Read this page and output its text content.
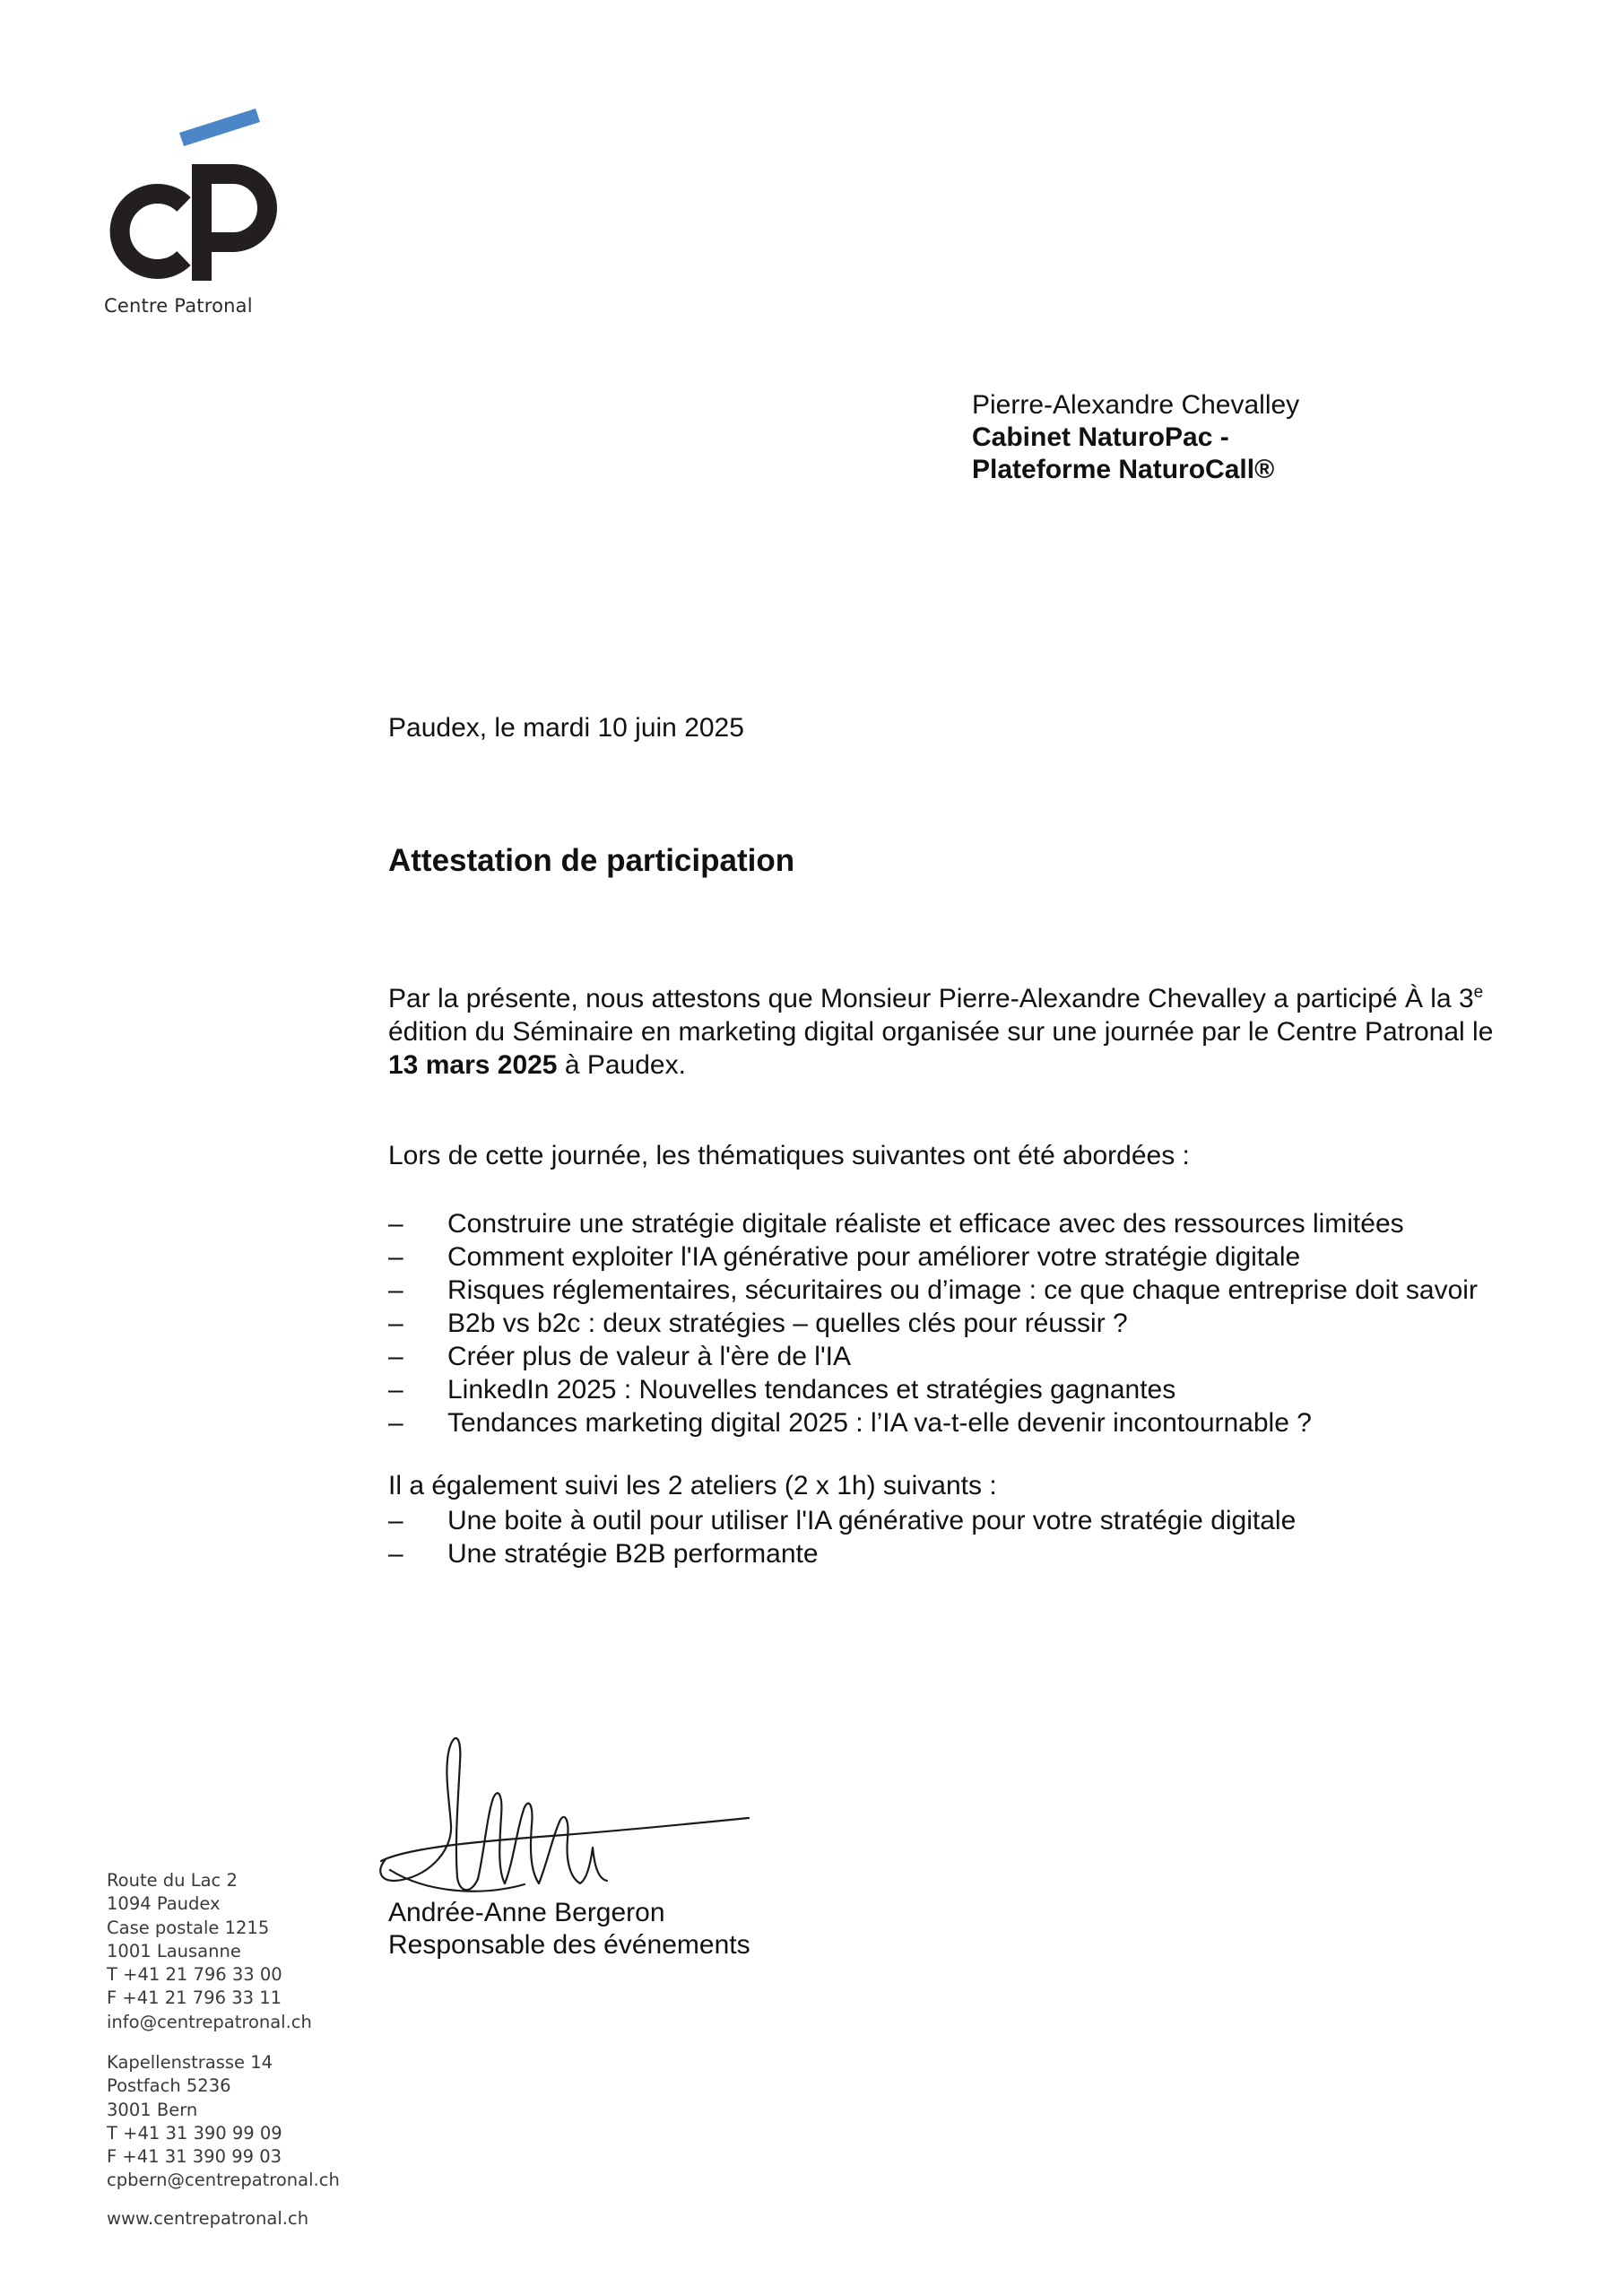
Centre Patronal
Pierre-Alexandre Chevalley
Cabinet NaturoPac -
Plateforme NaturoCall®
Paudex, le mardi 10 juin 2025
Attestation de participation
Par la présente, nous attestons que Monsieur Pierre-Alexandre Chevalley a participé À la 3e édition du Séminaire en marketing digital organisée sur une journée par le Centre Patronal le 13 mars 2025 à Paudex.
Lors de cette journée, les thématiques suivantes ont été abordées :
– Construire une stratégie digitale réaliste et efficace avec des ressources limitées
– Comment exploiter l'IA générative pour améliorer votre stratégie digitale
– Risques réglementaires, sécuritaires ou d’image : ce que chaque entreprise doit savoir
– B2b vs b2c : deux stratégies – quelles clés pour réussir ?
– Créer plus de valeur à l'ère de l'IA
– LinkedIn 2025 : Nouvelles tendances et stratégies gagnantes
– Tendances marketing digital 2025 : l’IA va-t-elle devenir incontournable ?
Il a également suivi les 2 ateliers (2 x 1h) suivants :
– Une boite à outil pour utiliser l'IA générative pour votre stratégie digitale
– Une stratégie B2B performante
Andrée-Anne Bergeron
Responsable des événements
Route du Lac 2
1094 Paudex
Case postale 1215
1001 Lausanne
T +41 21 796 33 00
F +41 21 796 33 11
info@centrepatronal.ch
Kapellenstrasse 14
Postfach 5236
3001 Bern
T +41 31 390 99 09
F +41 31 390 99 03
cpbern@centrepatronal.ch
www.centrepatronal.ch
